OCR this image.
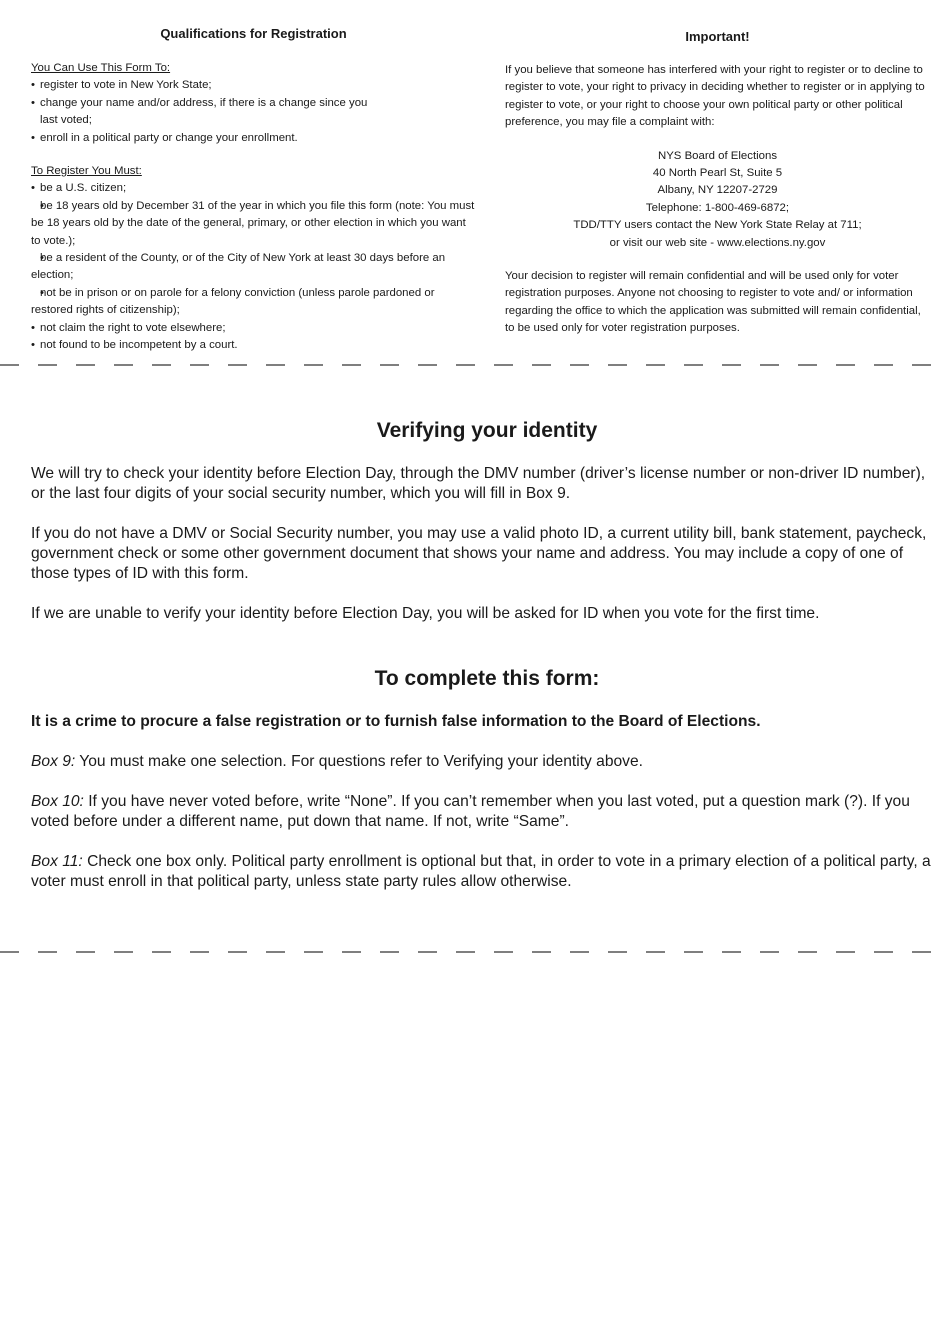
Qualifications for Registration
You Can Use This Form To:
• register to vote in New York State;
• change your name and/or address, if there is a change since you
last voted;
• enroll in a political party or change your enrollment.
To Register You Must:
• be a U.S. citizen;
• be 18 years old by December 31 of the year in which you file this form (note: You must be 18 years old by the date of the general, primary, or other election in which you want to vote.);
• be a resident of the County, or of the City of New York at least 30 days before an election;
• not be in prison or on parole for a felony conviction (unless parole pardoned or restored rights of citizenship);
• not claim the right to vote elsewhere;
• not found to be incompetent by a court.
Important!
If you believe that someone has interfered with your right to register or to decline to register to vote, your right to privacy in deciding whether to register or in applying to register to vote, or your right to choose your own political party or other political preference, you may file a complaint with:
NYS Board of Elections
40 North Pearl St, Suite 5
Albany, NY 12207-2729
Telephone: 1-800-469-6872;
TDD/TTY users contact the New York State Relay at 711;
or visit our web site - www.elections.ny.gov
Your decision to register will remain confidential and will be used only for voter registration purposes. Anyone not choosing to register to vote and/ or information regarding the office to which the application was submitted will remain confidential, to be used only for voter registration purposes.
Verifying your identity

We will try to check your identity before Election Day, through the DMV number (driver’s license number or non-driver ID number), or the last four digits of your social security number, which you will fill in Box 9.

If you do not have a DMV or Social Security number, you may use a valid photo ID, a current utility bill, bank statement, paycheck, government check or some other government document that shows your name and address. You may include a copy of one of those types of ID with this form.

If we are unable to verify your identity before Election Day, you will be asked for ID when you vote for the first time.

To complete this form:

It is a crime to procure a false registration or to furnish false information to the Board of Elections.

Box 9: You must make one selection. For questions refer to Verifying your identity above.

Box 10: If you have never voted before, write “None”. If you can’t remember when you last voted, put a question mark (?). If you voted before under a different name, put down that name. If not, write “Same”.

Box 11: Check one box only. Political party enrollment is optional but that, in order to vote in a primary election of a political party, a voter must enroll in that political party, unless state party rules allow otherwise.
